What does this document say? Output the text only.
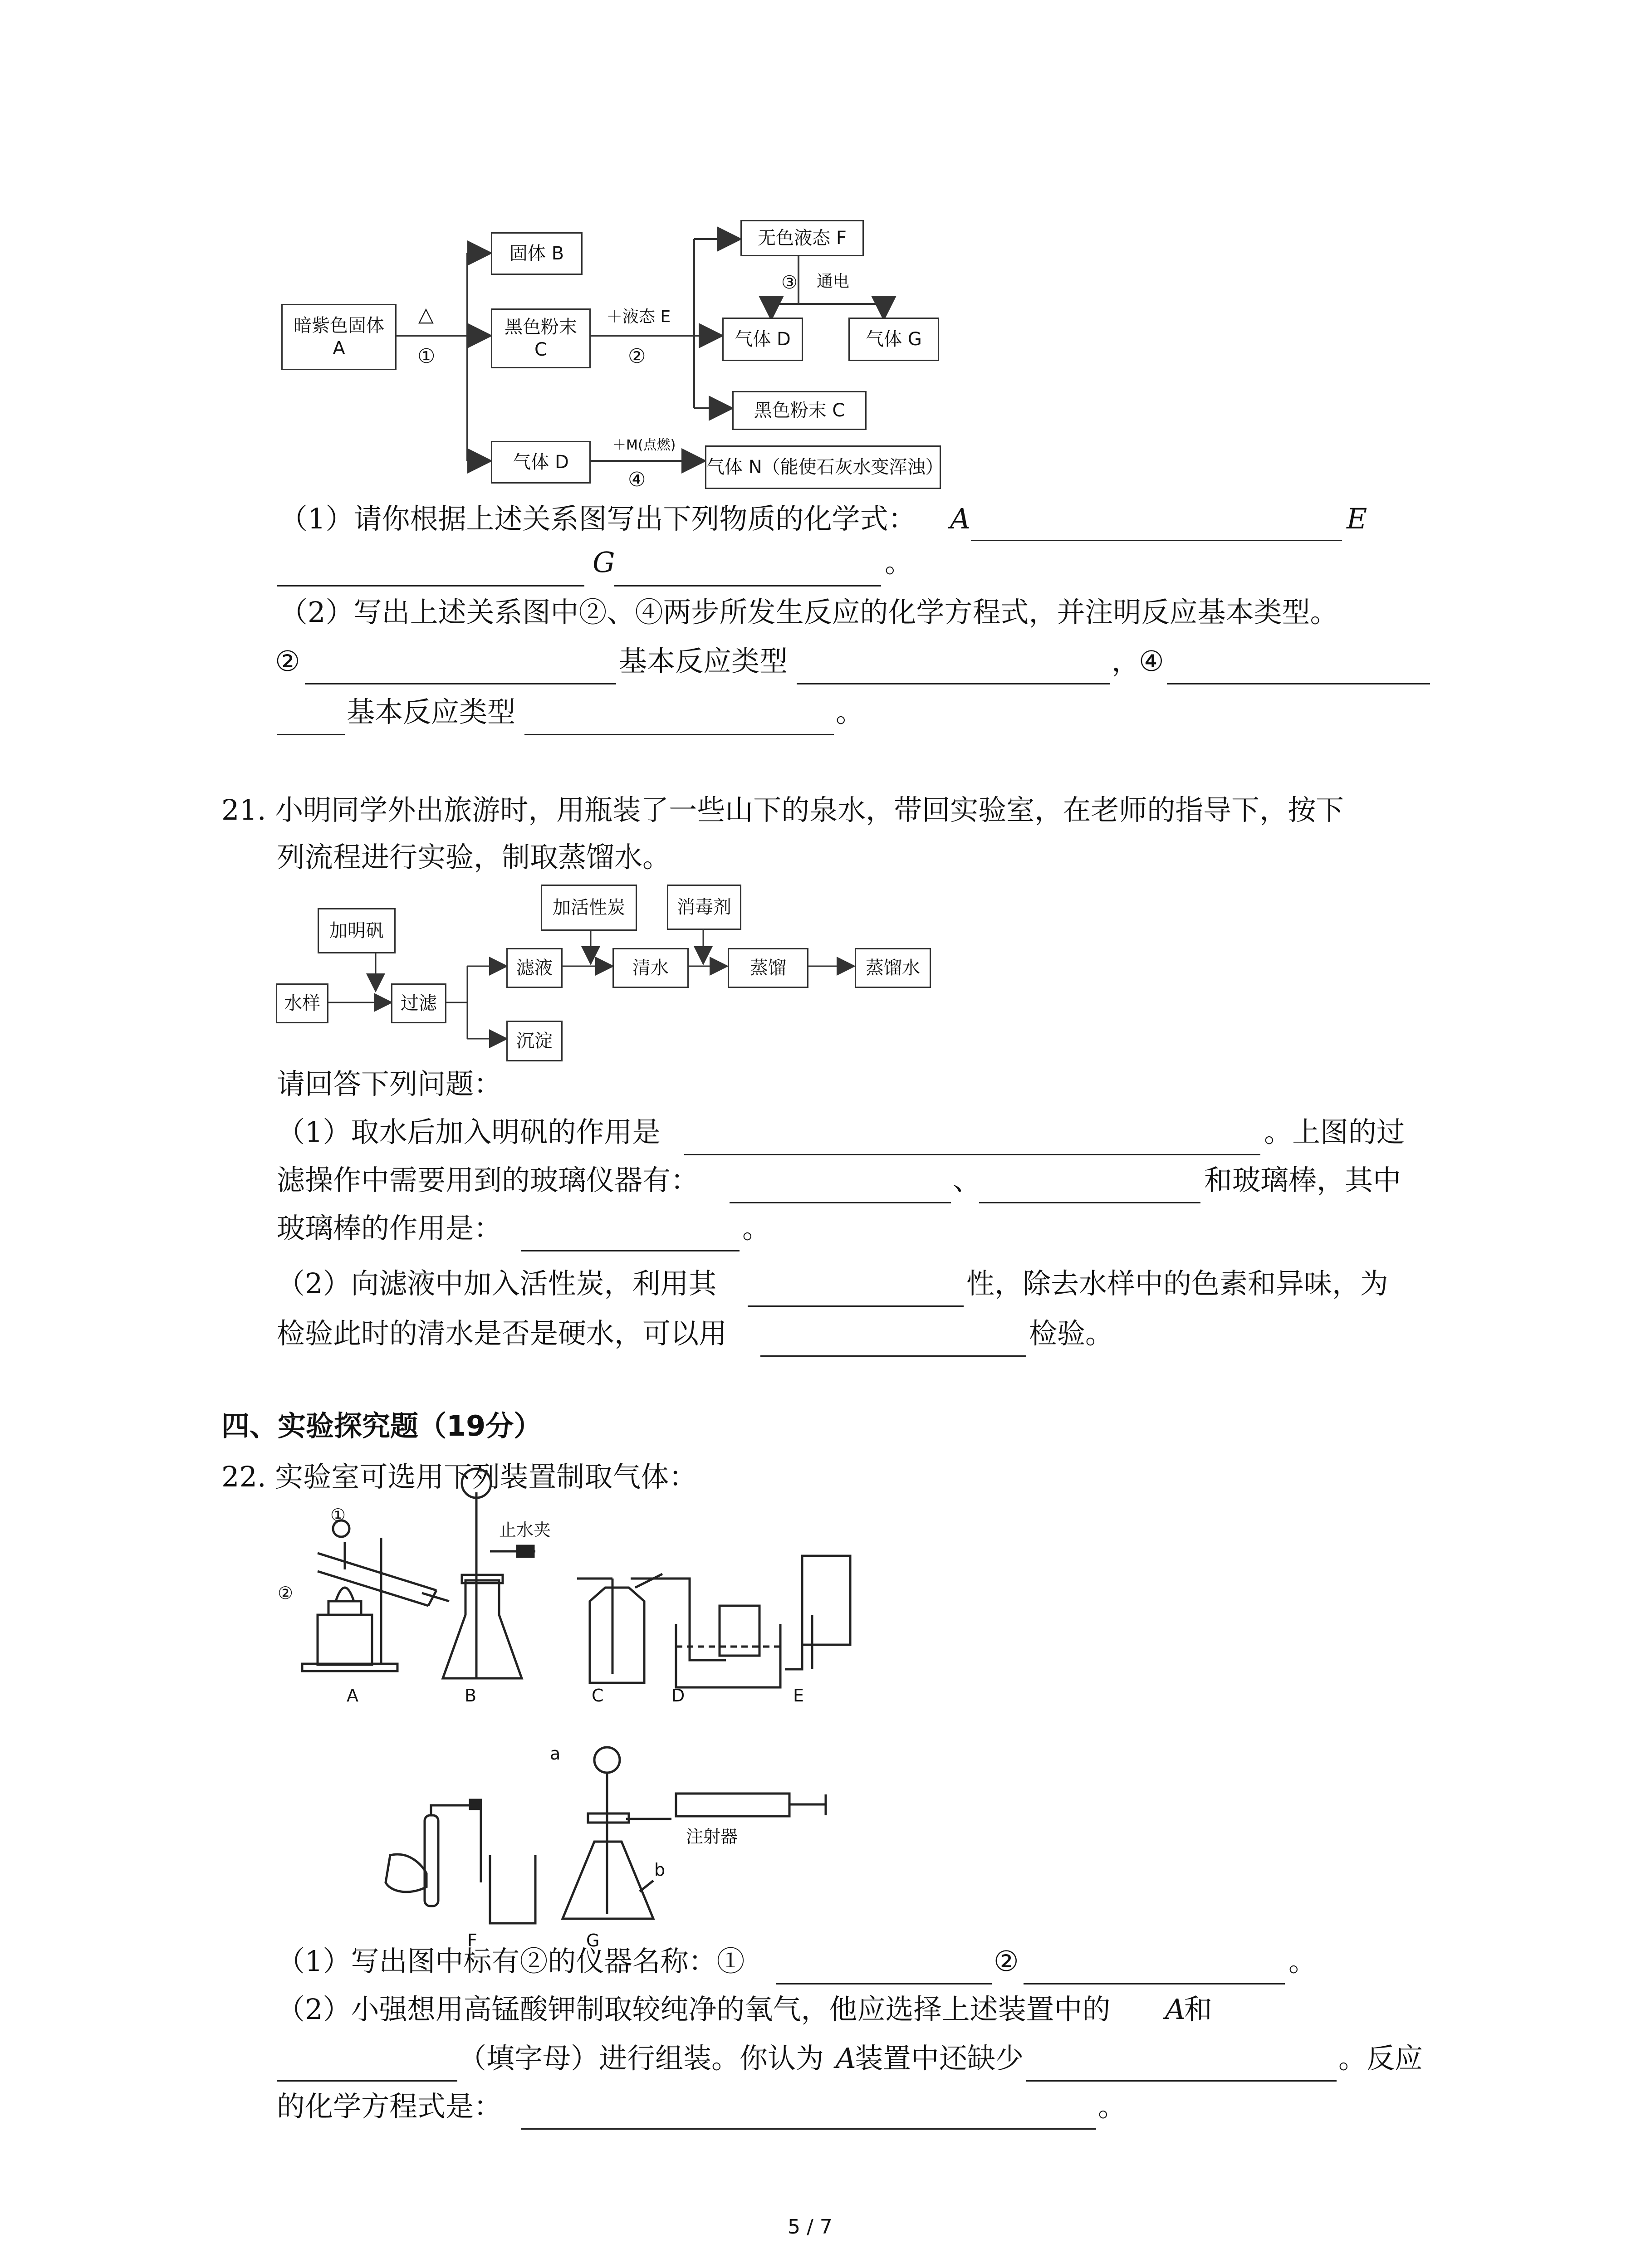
暗紫色固体
A
固体 B
黑色粉末
C
气体 D
无色液态 F
气体 D	气体 G
黑色粉末 C
气体 N（能使石灰水变浑浊）
△
①
＋液态 E
②
③ 通电
＋M(点燃)
④
（1）请你根据上述关系图写出下列物质的化学式： A	E
G	。
（2）写出上述关系图中②、④两步所发生反应的化学方程式，并注明反应基本类型。
②	基本反应类型	，
④
基本反应类型	。
21. 小明同学外出旅游时，用瓶装了一些山下的泉水，带回实验室，在老师的指导下，按下
列流程进行实验，制取蒸馏水。
加明矾
水样	过滤
滤液
沉淀
加活性炭
清水
消毒剂
蒸馏	蒸馏水
请回答下列问题：
（1）取水后加入明矾的作用是	。上图的过
滤操作中需要用到的玻璃仪器有：	、	和玻璃棒，其中
玻璃棒的作用是：	。
（2）向滤液中加入活性炭，利用其	性，除去水样中的色素和异味，为
检验此时的清水是否是硬水，可以用	检验。
四、实验探究题（19分）
22. 实验室可选用下列装置制取气体：
①
②
止水夹
A	B	C	D	E
a
b
注射器
F	G
（1）写出图中标有②的仪器名称：①	②	。
（2）小强想用高锰酸钾制取较纯净的氧气，他应选择上述装置中的 A
和
（填字母）进行组装。你认为 A
装置中还缺少	。反应
的化学方程式是：	。
5 / 7
